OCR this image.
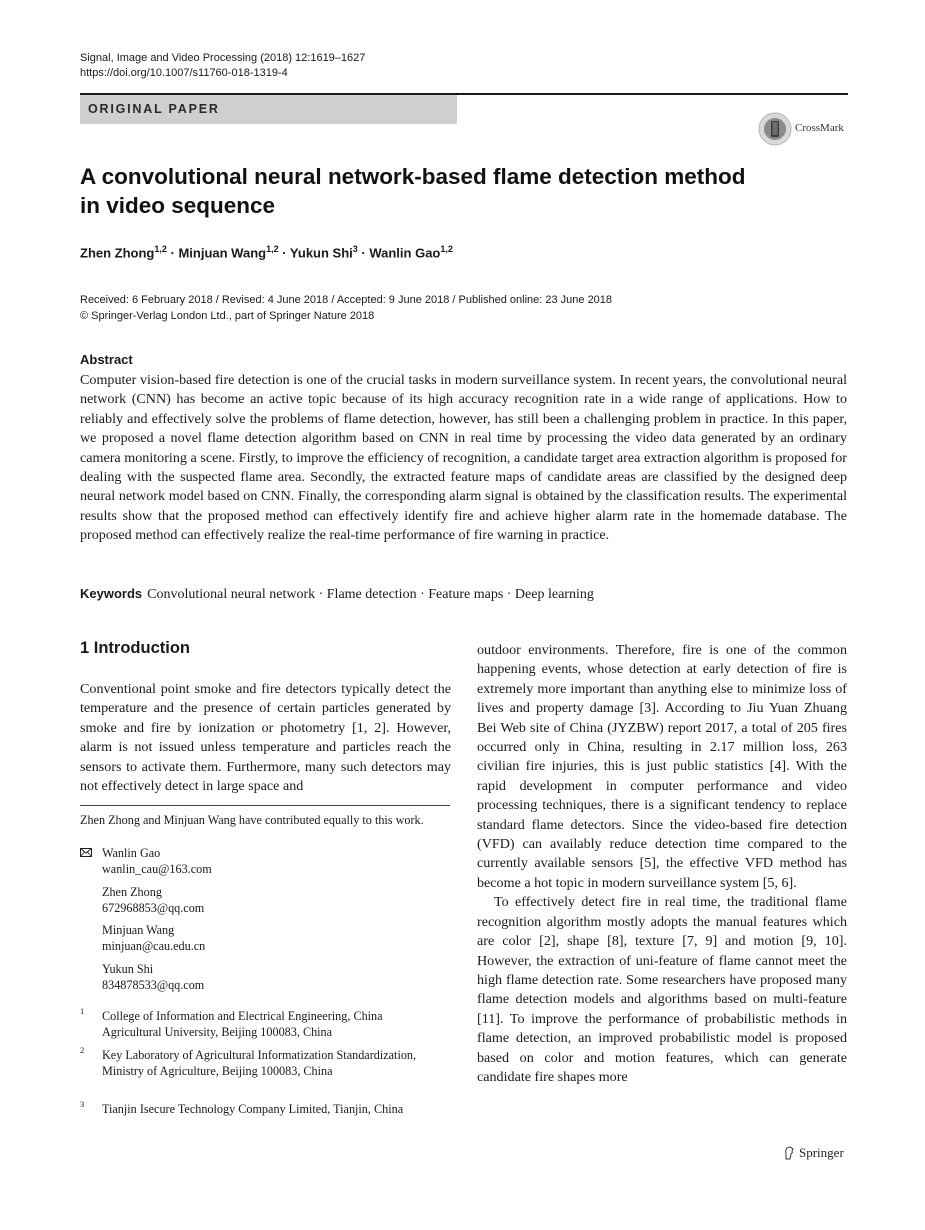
Signal, Image and Video Processing (2018) 12:1619–1627
https://doi.org/10.1007/s11760-018-1319-4
ORIGINAL PAPER
CrossMark
A convolutional neural network-based flame detection method
in video sequence
Zhen Zhong$^{1,2}$ · Minjuan Wang$^{1,2}$ · Yukun Shi$^3$ · Wanlin Gao$^{1,2}$
Received: 6 February 2018 / Revised: 4 June 2018 / Accepted: 9 June 2018 / Published online: 23 June 2018
© Springer-Verlag London Ltd., part of Springer Nature 2018
Abstract
Computer vision-based fire detection is one of the crucial tasks in modern surveillance system. In recent years, the convolutional neural network (CNN) has become an active topic because of its high accuracy recognition rate in a wide range of applications. How to reliably and effectively solve the problems of flame detection, however, has still been a challenging problem in practice. In this paper, we proposed a novel flame detection algorithm based on CNN in real time by processing the video data generated by an ordinary camera monitoring a scene. Firstly, to improve the efficiency of recognition, a candidate target area extraction algorithm is proposed for dealing with the suspected flame area. Secondly, the extracted feature maps of candidate areas are classified by the designed deep neural network model based on CNN. Finally, the corresponding alarm signal is obtained by the classification results. The experimental results show that the proposed method can effectively identify fire and achieve higher alarm rate in the homemade database. The proposed method can effectively realize the real-time performance of fire warning in practice.
Keywords Convolutional neural network · Flame detection · Feature maps · Deep learning
1 Introduction
Conventional point smoke and fire detectors typically detect the temperature and the presence of certain particles generated by smoke and fire by ionization or photometry [1, 2]. However, alarm is not issued unless temperature and particles reach the sensors to activate them. Furthermore, many such detectors may not effectively detect in large space and

outdoor environments. Therefore, fire is one of the common happening events, whose detection at early detection of fire is extremely more important than anything else to minimize loss of lives and property damage [3]. According to Jiu Yuan Zhuang Bei Web site of China (JYZBW) report 2017, a total of 205 fires occurred only in China, resulting in 2.17 million loss, 263 civilian fire injuries, this is just public statistics [4]. With the rapid development in computer performance and video processing techniques, there is a significant tendency to replace standard flame detectors. Since the video-based fire detection (VFD) can availably reduce detection time compared to the currently available sensors [5], the effective VFD method has become a hot topic in modern surveillance system [5, 6].

To effectively detect fire in real time, the traditional flame recognition algorithm mostly adopts the manual features which are color [2], shape [8], texture [7, 9] and motion [9, 10]. However, the extraction of uni-feature of flame cannot meet the high flame detection rate. Some researchers have proposed many flame detection models and algorithms based on multi-feature [11]. To improve the performance of probabilistic methods in flame detection, an improved probabilistic model is proposed based on color and motion features, which can generate candidate fire shapes more

Zhen Zhong and Minjuan Wang have contributed equally to this work.
Wanlin Gao
wanlin_cau@163.com
Zhen Zhong
672968853@qq.com
Minjuan Wang
minjuan@cau.edu.cn
Yukun Shi
834878533@qq.com
1 College of Information and Electrical Engineering, China Agricultural University, Beijing 100083, China
2 Key Laboratory of Agricultural Informatization Standardization, Ministry of Agriculture, Beijing 100083, China
3 Tianjin Isecure Technology Company Limited, Tianjin, China
Springer
